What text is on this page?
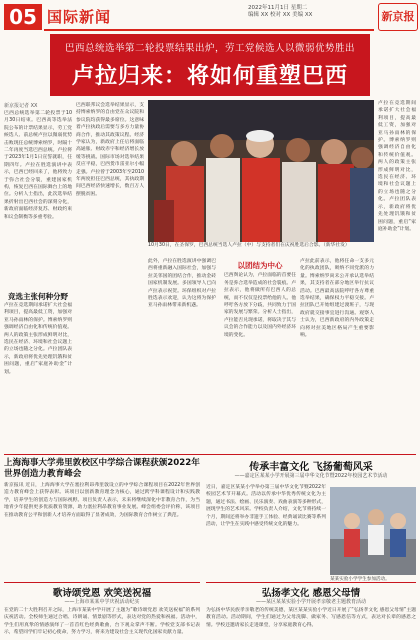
05 国际新闻	2022年11月1日 星期二
编辑 XX 校对 XX 美编 XX	新京报
巴西总统选举第二轮投票结果出炉，劳工党候选人以微弱优势胜出
卢拉归来：将如何重塑巴西
新京报记者 XX
巴西总统选举第二轮投票于10月30日结束。巴西高等选举法院公布的计票结果显示，劳工党候选人、前总统卢拉以微弱优势击败现任总统博索纳罗，时隔十二年再度当选巴西总统。卢拉将于2023年1月1日宣誓就职，任期四年。卢拉在胜选演讲中表示，巴西已经回来了，他将致力于弥合社会分裂，重建国家机构，恢复巴西在国际舞台上的地位。分析人士指出，此次选举结果折射出巴西社会的深刻分化，新政府面临经济复苏、财政约束和议会制衡等多重考验。
竞选主张何种分野
卢拉在竞选期间承诺扩大社会福利项目，提高最低工资，加强对亚马孙雨林的保护。博索纳罗则强调经济自由化和传统价值观。两人的政策主张形成鲜明对比，选民在经济、环境和社会议题上的立场也随之分化。卢拉团队表示，新政府将优先处理饥饿和贫困问题，重启“家庭补助金”计划。
巴西联邦议会选举结果显示，支持博索纳罗的自由党在众议院和参议院均获得最多席位。这意味着卢拉执政后需要与多方力量协商合作，推动其政策议程。经济学家认为，新政府上任后将面临高通胀、财政赤字和经济增长放缓等挑战。国际市场对选举结果反应平稳，巴西货币雷亚尔小幅走强。卢拉曾于2003年至2010年两度担任巴西总统，其执政期间巴西经济快速增长，数百万人摆脱贫困。
10月30日，在圣保罗，巴西总统当选人卢拉（中）与支持者们在庆祝胜选后合影。（新华社发）
此外，卢拉在胜选演讲中强调巴西将重新融入国际社会，加强与拉美邻国的团结合作，推动金砖国家机制发展。多国领导人已向卢拉表示祝贺。环保组织对卢拉胜选表示欢迎，认为这将为保护亚马孙雨林带来新机遇。
以团结为中心
巴西舆论认为，卢拉面临的首要任务是弥合选举造成的社会裂痕。卢拉表示，他将做所有巴西人的总统，而不仅仅是投票给他的人。他呼吁各方放下分歧，共同致力于国家的发展与繁荣。分析人士指出，卢拉能否兑现承诺，将取决于其与议会的合作能力以及国内外经济环境的变化。
卢拉此前表示，他将任命一支多元化的执政团队，吸纳不同党派的力量。博索纳罗尚未公开承认选举结果，其支持者在部分地区举行抗议活动。巴西最高法院呼吁各方尊重选举结果，确保权力平稳交接。卢拉团队已开始组建过渡班子，与现政府就交接事宜进行沟通。观察人士认为，巴西新政府的内外政策走向将对拉美地区格局产生重要影响。
卢拉在竞选期间承诺扩大社会福利项目，提高最低工资，加强对亚马孙雨林的保护。博索纳罗则强调经济自由化和传统价值观。两人的政策主张形成鲜明对比，选民在经济、环境和社会议题上的立场也随之分化。卢拉团队表示，新政府将优先处理饥饿和贫困问题，重启“家庭补助金”计划。
上海海事大学弗里敦校区中学综合课程获颁2022年世界创造力教育峰会
新京报讯 近日，上海海事大学在塞拉利昂弗里敦设立的中学综合课程项目在2022年世界创造力教育峰会上获得表彰。该项目以创新教育理念为核心，通过跨学科课程设计和实践教学，培养学生的创造力与国际视野。项目负责人表示，未来将继续深化中非教育合作，为当地青少年提供更多优质教育资源，助力塞拉利昂教育事业发展。峰会组委会评价称，该项目在推动教育公平和创新人才培养方面取得了显著成效，为国际教育合作树立了典范。
传承丰富文化 飞扬葡萄风采
——嘉定区某某小学开展第三届中华文化节暨2022年校园艺术节活动
近日，嘉定区某某小学举办第三届中华文化节暨2022年校园艺术节开幕式。活动以传承中华优秀传统文化为主题，通过书法、绘画、民乐演奏、戏曲表演等多种形式，展现学生的艺术风采。学校负责人介绍，文化节将持续一个月，期间还将举办非遗手工体验、经典诵读比赛等系列活动，让学生在实践中感受传统文化的魅力。
某某实验小学学生参加活动。
歌诗颂党恩 欢笑送祝福
——上海市某某中学庆祝活动纪实
在党的二十大胜利召开之际，上海市某某中学开展了主题为“歌诗颂党恩 欢笑送祝福”的系列庆祝活动。全校师生通过合唱、诗朗诵、情景剧等形式，表达对党的热爱和祝福。活动中，学生们用真挚的情感演绎了一首首红色经典歌曲，台下观众掌声不断。学校党支部书记表示，希望同学们牢记初心使命，努力学习，将来为建设社会主义现代化国家贡献力量。
弘扬孝文化 感恩父母情
——某区某某实验小学开展孝亲敬老主题教育活动
为弘扬中华民族孝亲敬老的传统美德，某区某某实验小学近日开展了“弘扬孝文化 感恩父母情”主题教育活动。活动期间，学生们通过为父母洗脚、做家务、写感恩信等方式，表达对长辈的感恩之情。学校还邀请家长走进课堂，分享家庭教育心得。
